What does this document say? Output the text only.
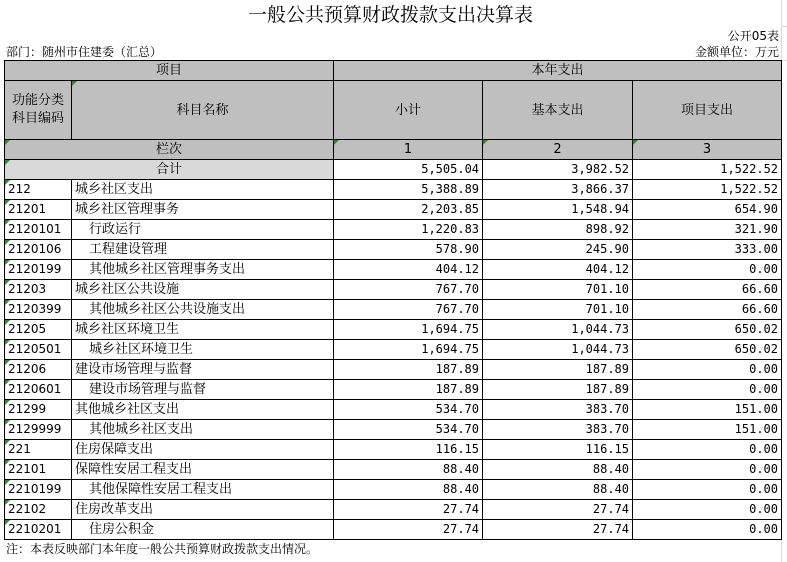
一般公共预算财政拨款支出决算表
公开05表
部门：随州市住建委（汇总）	金额单位：万元
项目		本年支出		
功能分类科目编码	科目名称	小计	基本支出	项目支出
栏次		1	2	3
合计		5,505.04	3,982.52	1,522.52
212	城乡社区支出	5,388.89	3,866.37	1,522.52
21201	城乡社区管理事务	2,203.85	1,548.94	654.90
2120101	行政运行	1,220.83	898.92	321.90
2120106	工程建设管理	578.90	245.90	333.00
2120199	其他城乡社区管理事务支出	404.12	404.12	0.00
21203	城乡社区公共设施	767.70	701.10	66.60
2120399	其他城乡社区公共设施支出	767.70	701.10	66.60
21205	城乡社区环境卫生	1,694.75	1,044.73	650.02
2120501	城乡社区环境卫生	1,694.75	1,044.73	650.02
21206	建设市场管理与监督	187.89	187.89	0.00
2120601	建设市场管理与监督	187.89	187.89	0.00
21299	其他城乡社区支出	534.70	383.70	151.00
2129999	其他城乡社区支出	534.70	383.70	151.00
221	住房保障支出	116.15	116.15	0.00
22101	保障性安居工程支出	88.40	88.40	0.00
2210199	其他保障性安居工程支出	88.40	88.40	0.00
22102	住房改革支出	27.74	27.74	0.00
2210201	住房公积金	27.74	27.74	0.00
注：本表反映部门本年度一般公共预算财政拨款支出情况。
